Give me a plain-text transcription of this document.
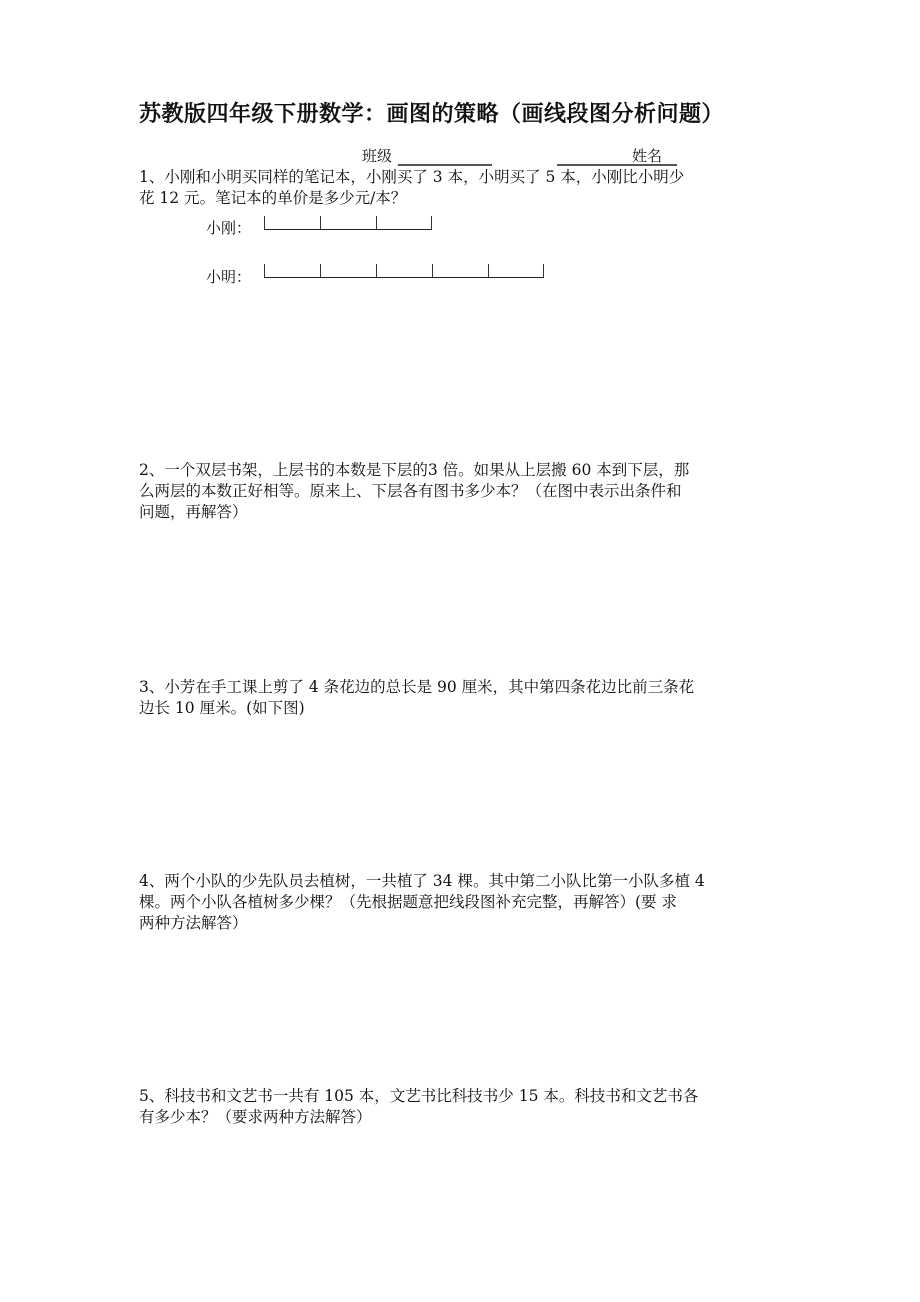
苏教版四年级下册数学：画图的策略（画线段图分析问题）
班级	姓名
1、小刚和小明买同样的笔记本，小刚买了 3 本，小明买了 5 本，小刚比小明少
花 12 元。笔记本的单价是多少元/本？
小刚：
小明：
2、一个双层书架，上层书的本数是下层的3 倍。如果从上层搬 60 本到下层，那
么两层的本数正好相等。原来上、下层各有图书多少本？（在图中表示出条件和
问题，再解答）
3、小芳在手工课上剪了 4 条花边的总长是 90 厘米，其中第四条花边比前三条花
边长 10 厘米。(如下图)
4、两个小队的少先队员去植树，一共植了 34 棵。其中第二小队比第一小队多植 4
棵。两个小队各植树多少棵？（先根据题意把线段图补充完整，再解答）(要 求
两种方法解答）
5、科技书和文艺书一共有 105 本，文艺书比科技书少 15 本。科技书和文艺书各
有多少本？（要求两种方法解答）
